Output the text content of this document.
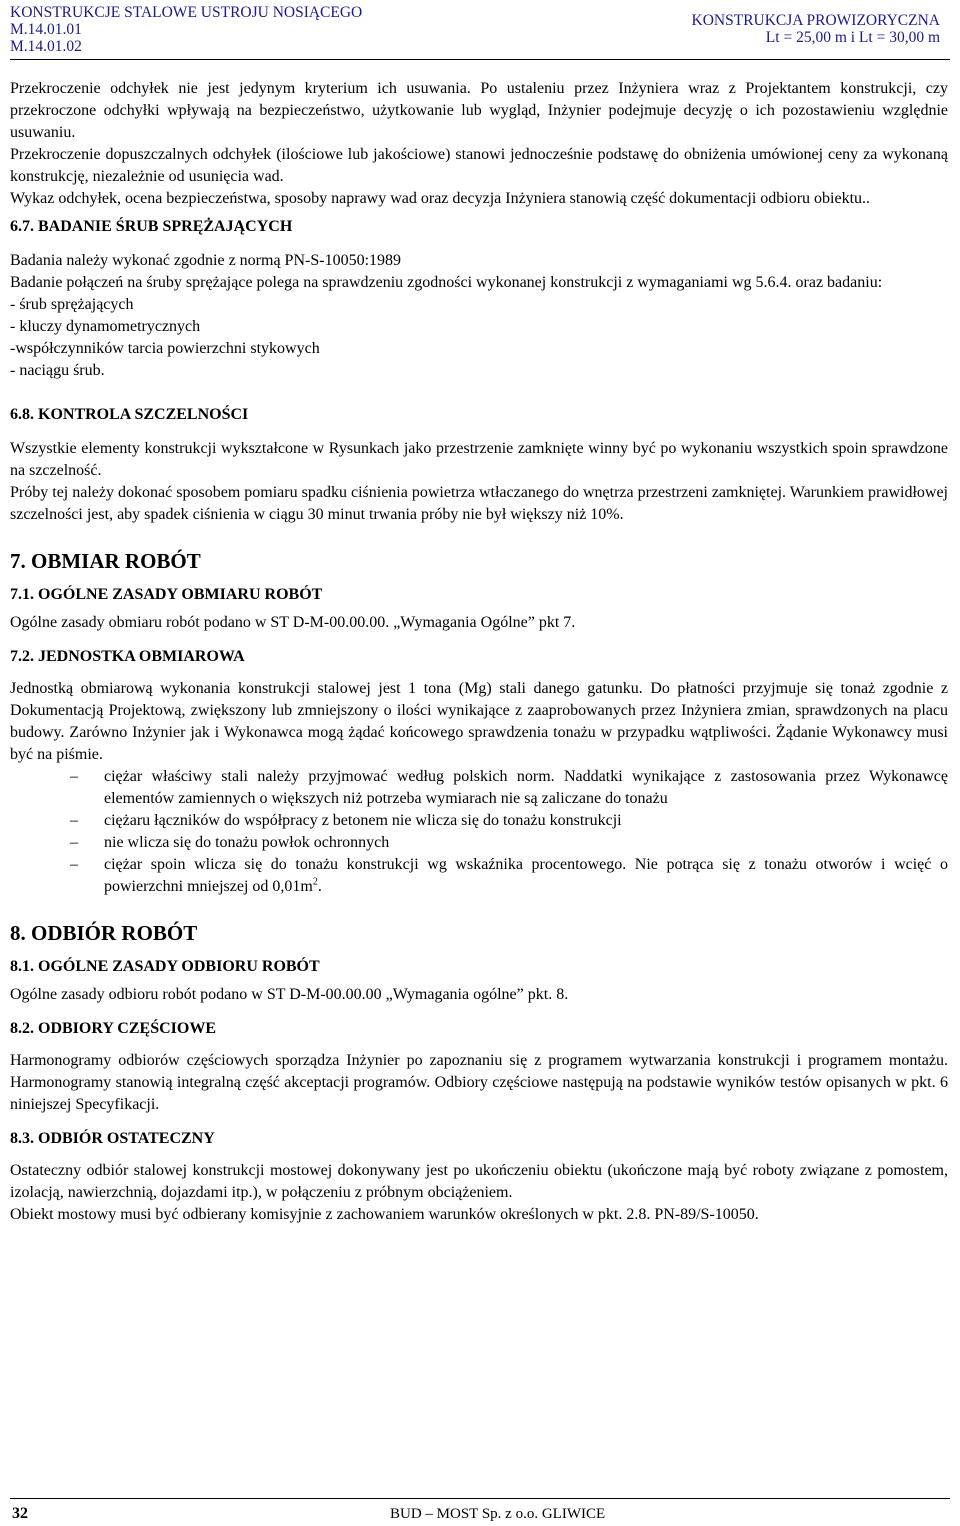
KONSTRUKCJE STALOWE USTROJU NOSIĄCEGO
M.14.01.01
M.14.01.02
KONSTRUKCJA PROWIZORYCZNA
Lt = 25,00 m i Lt = 30,00 m

Przekroczenie odchyłek nie jest jedynym kryterium ich usuwania. Po ustaleniu przez Inżyniera wraz z Projektantem konstrukcji, czy przekroczone odchyłki wpływają na bezpieczeństwo, użytkowanie lub wygląd, Inżynier podejmuje decyzję o ich pozostawieniu względnie usuwaniu.

Przekroczenie dopuszczalnych odchyłek (ilościowe lub jakościowe) stanowi jednocześnie podstawę do obniżenia umówionej ceny za wykonaną konstrukcję, niezależnie od usunięcia wad.

Wykaz odchyłek, ocena bezpieczeństwa, sposoby naprawy wad oraz decyzja Inżyniera stanowią część dokumentacji odbioru obiektu..

6.7. BADANIE ŚRUB SPRĘŻAJĄCYCH

Badania należy wykonać zgodnie z normą PN-S-10050:1989

Badanie połączeń na śruby sprężające polega na sprawdzeniu zgodności wykonanej konstrukcji z wymaganiami wg 5.6.4. oraz badaniu:

- śrub sprężających

- kluczy dynamometrycznych

-współczynników tarcia powierzchni stykowych

- naciągu śrub.

6.8. KONTROLA SZCZELNOŚCI

Wszystkie elementy konstrukcji wykształcone w Rysunkach jako przestrzenie zamknięte winny być po wykonaniu wszystkich spoin sprawdzone na szczelność.

Próby tej należy dokonać sposobem pomiaru spadku ciśnienia powietrza wtłaczanego do wnętrza przestrzeni zamkniętej. Warunkiem prawidłowej szczelności jest, aby spadek ciśnienia w ciągu 30 minut trwania próby nie był większy niż 10%.

7. OBMIAR ROBÓT
7.1. OGÓLNE ZASADY OBMIARU ROBÓT

Ogólne zasady obmiaru robót podano w ST D-M-00.00.00. „Wymagania Ogólne” pkt 7.

7.2. JEDNOSTKA OBMIAROWA

Jednostką obmiarową wykonania konstrukcji stalowej jest 1 tona (Mg) stali danego gatunku. Do płatności przyjmuje się tonaż zgodnie z Dokumentacją Projektową, zwiększony lub zmniejszony o ilości wynikające z zaaprobowanych przez Inżyniera zmian, sprawdzonych na placu budowy. Zarówno Inżynier jak i Wykonawca mogą żądać końcowego sprawdzenia tonażu w przypadku wątpliwości. Żądanie Wykonawcy musi być na piśmie.

– ciężar właściwy stali należy przyjmować według polskich norm. Naddatki wynikające z zastosowania przez Wykonawcę elementów zamiennych o większych niż potrzeba wymiarach nie są zaliczane do tonażu
– ciężaru łączników do współpracy z betonem nie wlicza się do tonażu konstrukcji
– nie wlicza się do tonażu powłok ochronnych
– ciężar spoin wlicza się do tonażu konstrukcji wg wskaźnika procentowego. Nie potrąca się z tonażu otworów i wcięć o powierzchni mniejszej od $0,01m^2$.
8. ODBIÓR ROBÓT
8.1. OGÓLNE ZASADY ODBIORU ROBÓT

Ogólne zasady odbioru robót podano w ST D-M-00.00.00 „Wymagania ogólne” pkt. 8.

8.2. ODBIORY CZĘŚCIOWE

Harmonogramy odbiorów częściowych sporządza Inżynier po zapoznaniu się z programem wytwarzania konstrukcji i programem montażu. Harmonogramy stanowią integralną część akceptacji programów. Odbiory częściowe następują na podstawie wyników testów opisanych w pkt. 6 niniejszej Specyfikacji.

8.3. ODBIÓR OSTATECZNY

Ostateczny odbiór stalowej konstrukcji mostowej dokonywany jest po ukończeniu obiektu (ukończone mają być roboty związane z pomostem, izolacją, nawierzchnią, dojazdami itp.), w połączeniu z próbnym obciążeniem.

Obiekt mostowy musi być odbierany komisyjnie z zachowaniem warunków określonych w pkt. 2.8. PN-89/S-10050.

32	BUD – MOST Sp. z o.o. GLIWICE
